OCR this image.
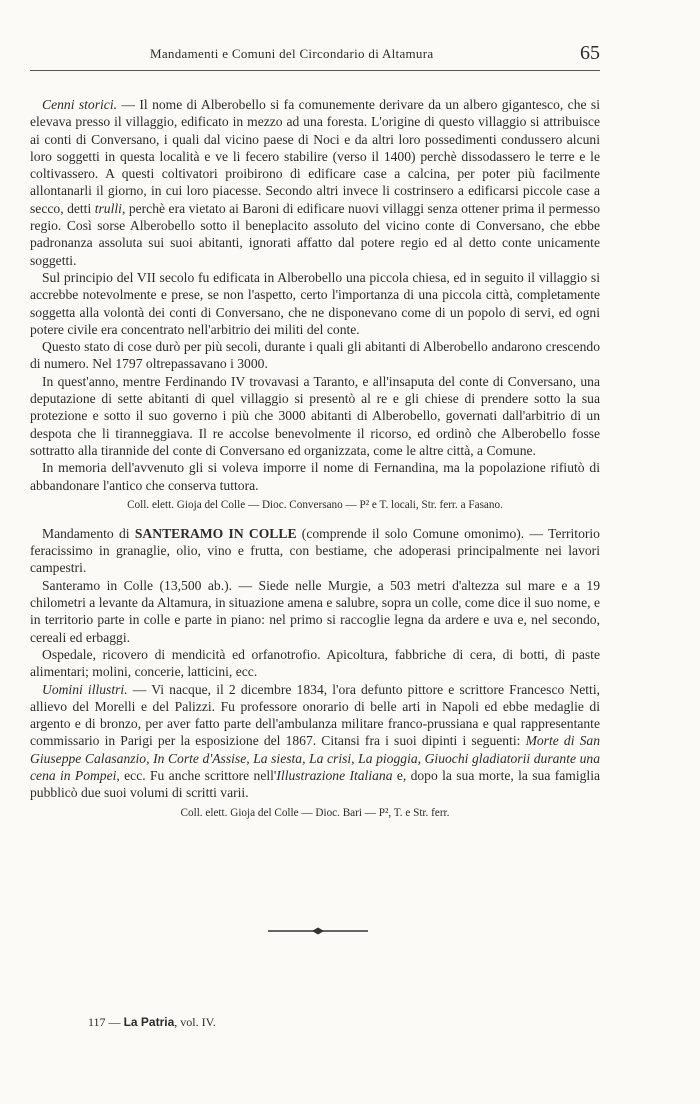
Mandamenti e Comuni del Circondario di Altamura	65

Cenni storici. — Il nome di Alberobello si fa comunemente derivare da un albero gigantesco, che si elevava presso il villaggio, edificato in mezzo ad una foresta. L'origine di questo villaggio si attribuisce ai conti di Conversano, i quali dal vicino paese di Noci e da altri loro possedimenti condussero alcuni loro soggetti in questa località e ve li fecero stabilire (verso il 1400) perchè dissodassero le terre e le coltivassero. A questi coltivatori proibirono di edificare case a calcina, per poter più facilmente allontanarli il giorno, in cui loro piacesse. Secondo altri invece li costrinsero a edificarsi piccole case a secco, detti trulli, perchè era vietato ai Baroni di edificare nuovi villaggi senza ottener prima il permesso regio. Così sorse Alberobello sotto il beneplacito assoluto del vicino conte di Conversano, che ebbe padronanza assoluta sui suoi abitanti, ignorati affatto dal potere regio ed al detto conte unicamente soggetti.

Sul principio del VII secolo fu edificata in Alberobello una piccola chiesa, ed in seguito il villaggio si accrebbe notevolmente e prese, se non l'aspetto, certo l'importanza di una piccola città, completamente soggetta alla volontà dei conti di Conversano, che ne disponevano come di un popolo di servi, ed ogni potere civile era concentrato nell'arbitrio dei militi del conte.

Questo stato di cose durò per più secoli, durante i quali gli abitanti di Alberobello andarono crescendo di numero. Nel 1797 oltrepassavano i 3000.

In quest'anno, mentre Ferdinando IV trovavasi a Taranto, e all'insaputa del conte di Conversano, una deputazione di sette abitanti di quel villaggio si presentò al re e gli chiese di prendere sotto la sua protezione e sotto il suo governo i più che 3000 abitanti di Alberobello, governati dall'arbitrio di un despota che li tiranneggiava. Il re accolse benevolmente il ricorso, ed ordinò che Alberobello fosse sottratto alla tirannide del conte di Conversano ed organizzata, come le altre città, a Comune.

In memoria dell'avvenuto gli si voleva imporre il nome di Fernandina, ma la popolazione rifiutò di abbandonare l'antico che conserva tuttora.

Coll. elett. Gioja del Colle — Dioc. Conversano — P² e T. locali, Str. ferr. a Fasano.

Mandamento di SANTERAMO IN COLLE (comprende il solo Comune omonimo). — Territorio feracissimo in granaglie, olio, vino e frutta, con bestiame, che adoperasi principalmente nei lavori campestri.

Santeramo in Colle (13,500 ab.). — Siede nelle Murgie, a 503 metri d'altezza sul mare e a 19 chilometri a levante da Altamura, in situazione amena e salubre, sopra un colle, come dice il suo nome, e in territorio parte in colle e parte in piano: nel primo si raccoglie legna da ardere e uva e, nel secondo, cereali ed erbaggi.

Ospedale, ricovero di mendicità ed orfanotrofio. Apicoltura, fabbriche di cera, di botti, di paste alimentari; molini, concerie, latticini, ecc.

Uomini illustri. — Vi nacque, il 2 dicembre 1834, l'ora defunto pittore e scrittore Francesco Netti, allievo del Morelli e del Palizzi. Fu professore onorario di belle arti in Napoli ed ebbe medaglie di argento e di bronzo, per aver fatto parte dell'ambulanza militare franco-prussiana e qual rappresentante commissario in Parigi per la esposizione del 1867. Citansi fra i suoi dipinti i seguenti: Morte di San Giuseppe Calasanzio, In Corte d'Assise, La siesta, La crisi, La pioggia, Giuochi gladiatorii durante una cena in Pompei, ecc. Fu anche scrittore nell'Illustrazione Italiana e, dopo la sua morte, la sua famiglia pubblicò due suoi volumi di scritti varii.

Coll. elett. Gioja del Colle — Dioc. Bari — P², T. e Str. ferr.
117 — La Patria, vol. IV.
